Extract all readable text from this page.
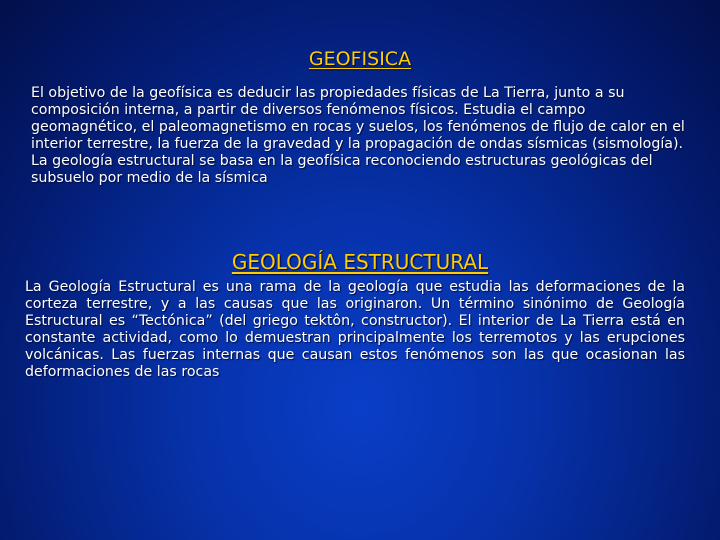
GEOFISICA

El objetivo de la geofísica es deducir las propiedades físicas de La Tierra, junto a su composición interna, a partir de diversos fenómenos físicos. Estudia el campo geomagnético, el paleomagnetismo en rocas y suelos, los fenómenos de flujo de calor en el interior terrestre, la fuerza de la gravedad y la propagación de ondas sísmicas (sismología). La geología estructural se basa en la geofísica reconociendo estructuras geológicas del subsuelo por medio de la sísmica

GEOLOGÍA ESTRUCTURAL

La Geología Estructural es una rama de la geología que estudia las deformaciones de la corteza terrestre, y a las causas que las originaron. Un término sinónimo de Geología Estructural es “Tectónica” (del griego tektôn, constructor). El interior de La Tierra está en constante actividad, como lo demuestran principalmente los terremotos y las erupciones volcánicas. Las fuerzas internas que causan estos fenómenos son las que ocasionan las deformaciones de las rocas
